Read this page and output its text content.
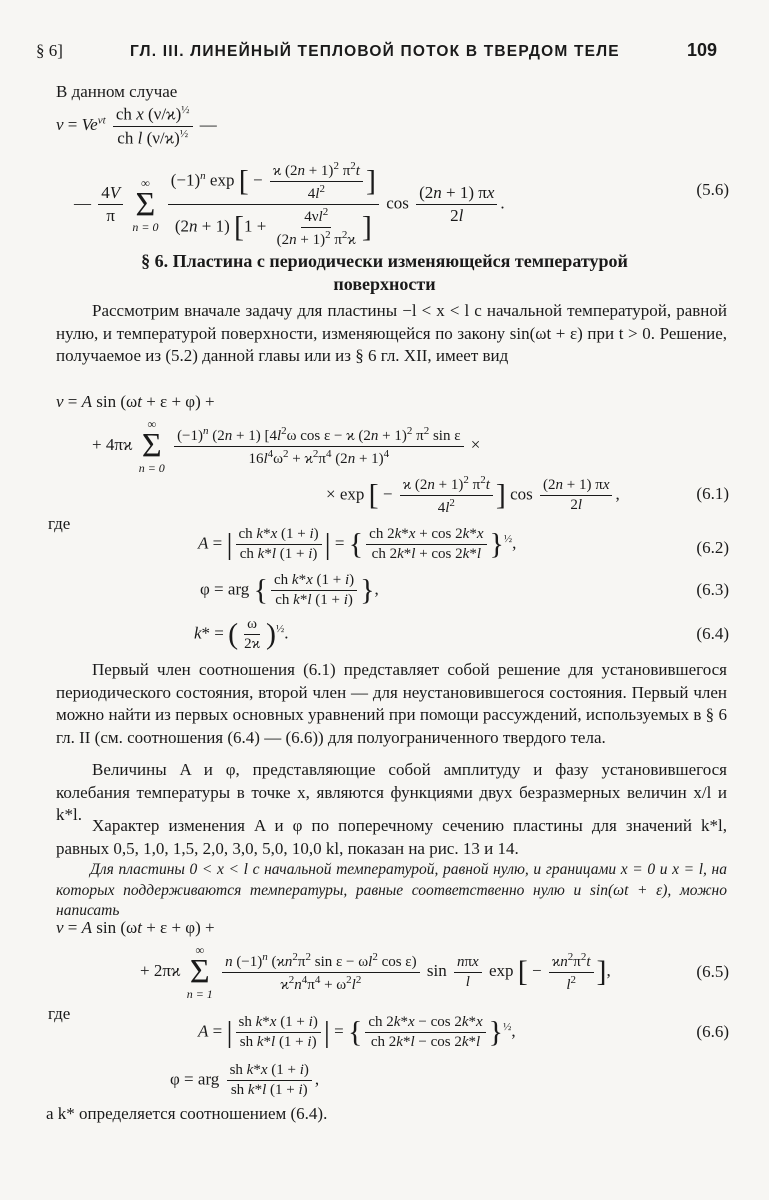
§ 6]	ГЛ. III. ЛИНЕЙНЫЙ ТЕПЛОВОЙ ПОТОК В ТВЕРДОМ ТЕЛЕ	109
В данном случае
$v = Ve^{\nu t} \frac{ch x (\nu/ϰ)^{\frac{1}{2}}}{ch l (\nu/ϰ)^{\frac{1}{2}}}$ —
— $\frac{4V}{\pi}$

∞
Σ
n = 0
$\frac{(-1)^n \exp [ - \frac{ϰ (2n + 1)^2 \pi^2t}{4l^2} ]}{(2n + 1) [1 + \frac{4\nu l^2}{(2n + 1)^2 \pi^2ϰ} ]}$ $\cos \frac{(2n + 1) \pi x}{2l}$ .
(5.6)
§ 6. Пластина с периодически изменяющейся температурой поверхности
Рассмотрим вначале задачу для пластины −l < x < l с начальной температурой, равной нулю, и температурой поверхности, изменяющейся по закону sin(ωt + ε) при t > 0. Решение, получаемое из (5.2) данной главы или из § 6 гл. XII, имеет вид
v = A sin (ωt + ε + φ) +
+ 4πϰ
∞
Σ
n = 0

$\frac{(-1)^n (2n + 1) [4l^2\omega \cos \varepsilon - ϰ (2n + 1)^2 \pi^2 \sin \varepsilon}{16l^4\omega^2 + ϰ^2\pi^4 (2n + 1)^4}$ ×
× exp [ − $\frac{ϰ (2n + 1)^2 \pi^2t}{4l^2}$ ] $\cos \frac{(2n + 1) \pi x}{2l}$ ,	(6.1)
где
A = | $\frac{\text{ch k*x (1 + i)}}{\text{ch k*l (1 + i)}}$ | = { $\frac{ch 2k*x + \cos 2k*x}{ch 2k*l + \cos 2k*l} \}^{\frac{1}{2}}$,	(6.2)
φ = arg { $\frac{\text{ch k*x (1 + i)}}{\text{ch k*l (1 + i)}}$ },	(6.3)
k* = ( $\frac{\omega}{2ϰ} )^{\frac{1}{2}}$.	(6.4)
Первый член соотношения (6.1) представляет собой решение для установившегося периодического состояния, второй член — для неустановившегося состояния. Первый член можно найти из первых основных уравнений при помощи рассуждений, используемых в § 6 гл. II (см. соотношения (6.4) — (6.6)) для полуограниченного твердого тела.
Величины A и φ, представляющие собой амплитуду и фазу установившегося колебания температуры в точке x, являются функциями двух безразмерных величин x/l и k*l.
Характер изменения A и φ по поперечному сечению пластины для значений k*l, равных 0,5, 1,0, 1,5, 2,0, 3,0, 5,0, 10,0 kl, показан на рис. 13 и 14.
Для пластины 0 < x < l с начальной температурой, равной нулю, и границами x = 0 и x = l, на которых поддерживаются температуры, равные соответственно нулю и sin(ωt + ε), можно написать
v = A sin (ωt + ε + φ) +
+ 2πϰ
∞
Σ
n = 1

$\frac{n (-1)^n (ϰn^2\pi^2 \sin \varepsilon - \omega l^2 \cos \varepsilon)}{ϰ^2n^4\pi^4 + \omega^2l^2}$ $\sin \frac{\text{nπx}}{l}$ exp [ − $\frac{ϰn^2\pi^2t}{l^2}$ ],	(6.5)
где
A = | $\frac{\text{sh k*x (1 + i)}}{\text{sh k*l (1 + i)}}$ | = { $\frac{ch 2k*x - \cos 2k*x}{ch 2k*l - \cos 2k*l} \}^{\frac{1}{2}}$,	(6.6)
φ = arg $\frac{\text{sh k*x (1 + i)}}{\text{sh k*l (1 + i)}}$ ,
а k* определяется соотношением (6.4).
